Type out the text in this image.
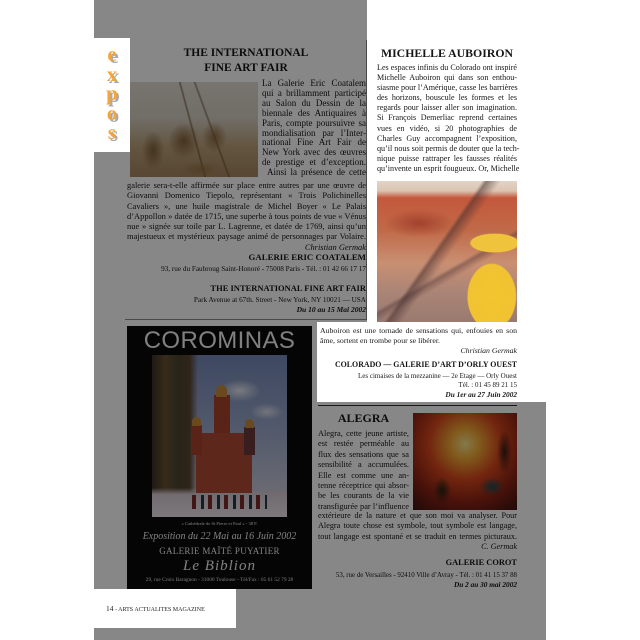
e
x
p
o
s
THE INTERNATIONAL
FINE ART FAIR
La Galerie Eric Coatalem
qui a brillamment participé
au Salon du Dessin de la
biennale des Antiquaires à
Paris, compte poursuivre sa
mondialisation par l’Inter-
national Fine Art Fair de
New York avec des œuvres
de prestige et d’exception.
Ainsi la présence de cette
galerie sera-t-elle affirmée sur place entre autres par une œuvre de
Giovanni Domenico Tiepolo, représentant « Trois Polichinelles
Cavaliers », une huile magistrale de Michel Boyer « Le Palais
d’Appollon » datée de 1715, une superbe à tous points de vue « Vénus
nue » signée sur toile par L. Lagrenne, et datée de 1769, ainsi qu’un
majestueux et mystérieux paysage animé de personnages par Volaire.
Christian Germak
GALERIE ERIC COATALEM
93, rue du Faubroug Saint-Honoré - 75008 Paris - Tél. : 01 42 66 17 17
THE INTERNATIONAL FINE ART FAIR
Park Avenue at 67th. Street - New York, NY 10021 — USA
Du 10 au 15 Mai 2002
MICHELLE AUBOIRON
Les espaces infinis du Colorado ont inspiré
Michelle Auboiron qui dans son enthou-
siasme pour l’Amérique, casse les barrières
des horizons, bouscule les formes et les
regards pour laisser aller son imagination.
Si François Demerliac reprend certaines
vues en vidéo, si 20 photographies de
Charles Guy accompagnent l’exposition,
qu’il nous soit permis de douter que la tech-
nique puisse rattraper les fausses réalités
qu’invente un esprit fougueux. Or, Michelle
Auboiron est une tornade de sensations qui, enfouies en son
âme, sortent en trombe pour se libérer.
Christian Germak
COLORADO — GALERIE D’ART D’ORLY OUEST
Les cimaises de la mezzanine — 2e Etage — Orly Ouest
Tél. : 01 45 89 21 15
Du 1er au 27 Juin 2002
COROMINAS
« Cathédrale de St Pierre et Paul » - 38 F.
Exposition du 22 Mai au 16 Juin 2002
GALERIE MAÏTÉ PUYATIER
Le Biblion
29, rue Croix Baragnon - 31000 Toulouse - Tél/Fax : 05 61 52 79 28
ALEGRA
Alegra, cette jeune artiste,
est restée perméable au
flux des sensations que sa
sensibilité a accumulées.
Elle est comme une an-
tenne réceptrice qui absor-
be les courants de la vie
transfigurée par l’influence
extérieure de la nature et que son moi va analyser. Pour
Alegra toute chose est symbole, tout symbole est langage,
tout langage est spontané et se traduit en termes picturaux.
C. Germak
GALERIE COROT
53, rue de Versailles - 92410 Ville d’Avray - Tél. : 01 41 15 37 88
Du 2 au 30 mai 2002
14 - ARTS ACTUALITES MAGAZINE
